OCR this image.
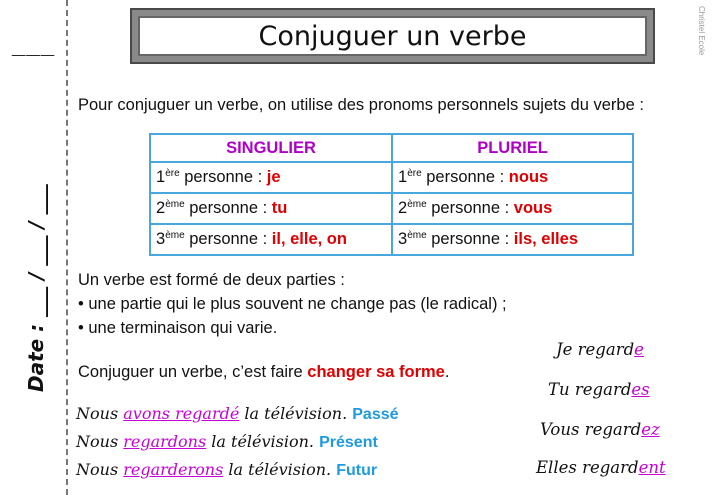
___
Date : ___ / ___ / ___
Christel Ecole
Conjuguer un verbe
Pour conjuguer un verbe, on utilise des pronoms personnels sujets du verbe :
SINGULIER	PLURIEL
1ère personne : je	1ère personne : nous
2ème personne : tu	2ème personne : vous
3ème personne : il, elle, on	3ème personne : ils, elles
Un verbe est formé de deux parties :
• une partie qui le plus souvent ne change pas (le radical) ;
• une terminaison qui varie.
Conjuguer un verbe, c’est faire changer sa forme.
Nous avons regardé la télévision. Passé
Nous regardons la télévision. Présent
Nous regarderons la télévision. Futur
Je regarde
Tu regardes
Vous regardez
Elles regardent
